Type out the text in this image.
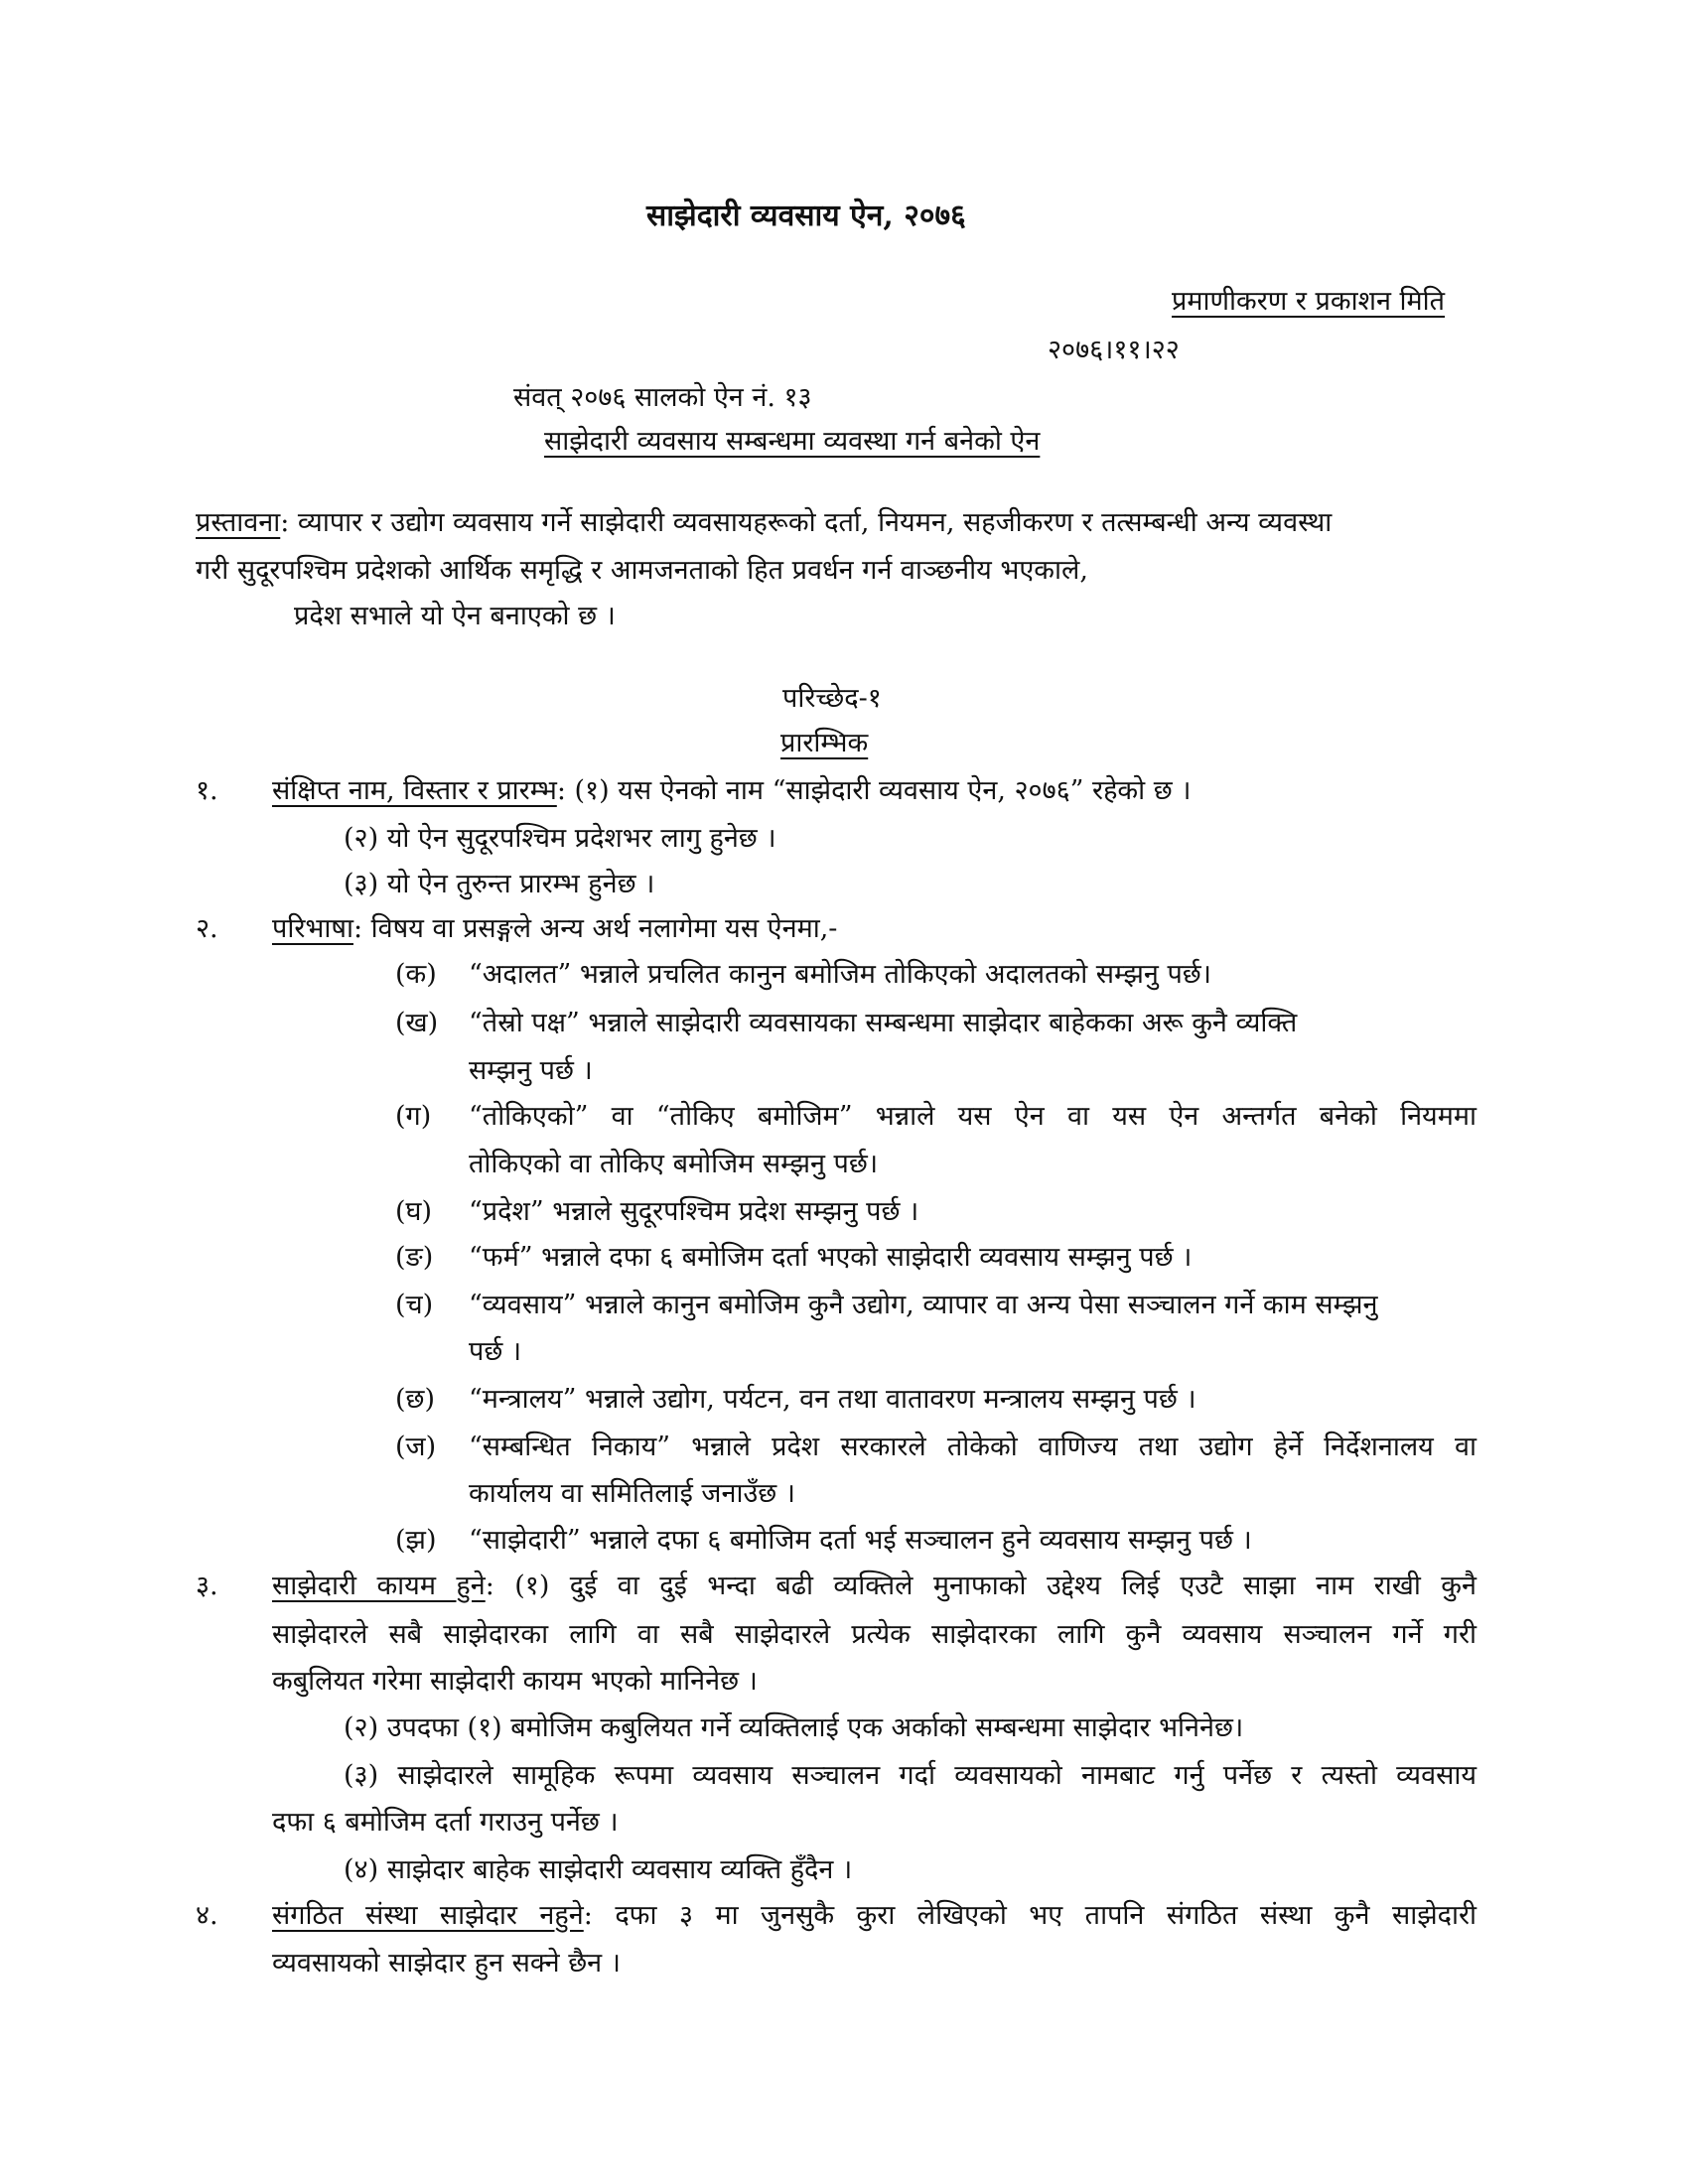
साझेदारी व्यवसाय ऐन, २०७६
प्रमाणीकरण र प्रकाशन मिति
२०७६।११।२२
संवत् २०७६ सालको ऐन नं. १३
साझेदारी व्यवसाय सम्बन्धमा व्यवस्था गर्न बनेको ऐन
प्रस्तावना: व्यापार र उद्योग व्यवसाय गर्ने साझेदारी व्यवसायहरूको दर्ता, नियमन, सहजीकरण र तत्सम्बन्धी अन्य व्यवस्था
गरी सुदूरपश्चिम प्रदेशको आर्थिक समृद्धि र आमजनताको हित प्रवर्धन गर्न वाञ्छनीय भएकाले,
प्रदेश सभाले यो ऐन बनाएको छ ।
परिच्छेद-१
प्रारम्भिक
१. संक्षिप्त नाम, विस्तार र प्रारम्भ: (१) यस ऐनको नाम “साझेदारी व्यवसाय ऐन, २०७६” रहेको छ ।
(२) यो ऐन सुदूरपश्चिम प्रदेशभर लागु हुनेछ ।
(३) यो ऐन तुरुन्त प्रारम्भ हुनेछ ।
२. परिभाषा: विषय वा प्रसङ्गले अन्य अर्थ नलागेमा यस ऐनमा,-
(क) “अदालत” भन्नाले प्रचलित कानुन बमोजिम तोकिएको अदालतको सम्झनु पर्छ।
(ख) “तेस्रो पक्ष” भन्नाले साझेदारी व्यवसायका सम्बन्धमा साझेदार बाहेकका अरू कुनै व्यक्ति
सम्झनु पर्छ ।
(ग) “तोकिएको” वा “तोकिए बमोजिम” भन्नाले यस ऐन वा यस ऐन अन्तर्गत बनेको नियममा
तोकिएको वा तोकिए बमोजिम सम्झनु पर्छ।
(घ) “प्रदेश” भन्नाले सुदूरपश्चिम प्रदेश सम्झनु पर्छ ।
(ङ) “फर्म” भन्नाले दफा ६ बमोजिम दर्ता भएको साझेदारी व्यवसाय सम्झनु पर्छ ।
(च) “व्यवसाय” भन्नाले कानुन बमोजिम कुनै उद्योग, व्यापार वा अन्य पेसा सञ्चालन गर्ने काम सम्झनु
पर्छ ।
(छ) “मन्त्रालय” भन्नाले उद्योग, पर्यटन, वन तथा वातावरण मन्त्रालय सम्झनु पर्छ ।
(ज) “सम्बन्धित निकाय” भन्नाले प्रदेश सरकारले तोकेको वाणिज्य तथा उद्योग हेर्ने निर्देशनालय वा
कार्यालय वा समितिलाई जनाउँछ ।
(झ) “साझेदारी” भन्नाले दफा ६ बमोजिम दर्ता भई सञ्चालन हुने व्यवसाय सम्झनु पर्छ ।
३. साझेदारी कायम हुने: (१) दुई वा दुई भन्दा बढी व्यक्तिले मुनाफाको उद्देश्य लिई एउटै साझा नाम राखी कुनै
साझेदारले सबै साझेदारका लागि वा सबै साझेदारले प्रत्येक साझेदारका लागि कुनै व्यवसाय सञ्चालन गर्ने गरी
कबुलियत गरेमा साझेदारी कायम भएको मानिनेछ ।
(२) उपदफा (१) बमोजिम कबुलियत गर्ने व्यक्तिलाई एक अर्काको सम्बन्धमा साझेदार भनिनेछ।
(३) साझेदारले सामूहिक रूपमा व्यवसाय सञ्चालन गर्दा व्यवसायको नामबाट गर्नु पर्नेछ र त्यस्तो व्यवसाय
दफा ६ बमोजिम दर्ता गराउनु पर्नेछ ।
(४) साझेदार बाहेक साझेदारी व्यवसाय व्यक्ति हुँदैन ।
४. संगठित संस्था साझेदार नहुने: दफा ३ मा जुनसुकै कुरा लेखिएको भए तापनि संगठित संस्था कुनै साझेदारी
व्यवसायको साझेदार हुन सक्ने छैन ।
